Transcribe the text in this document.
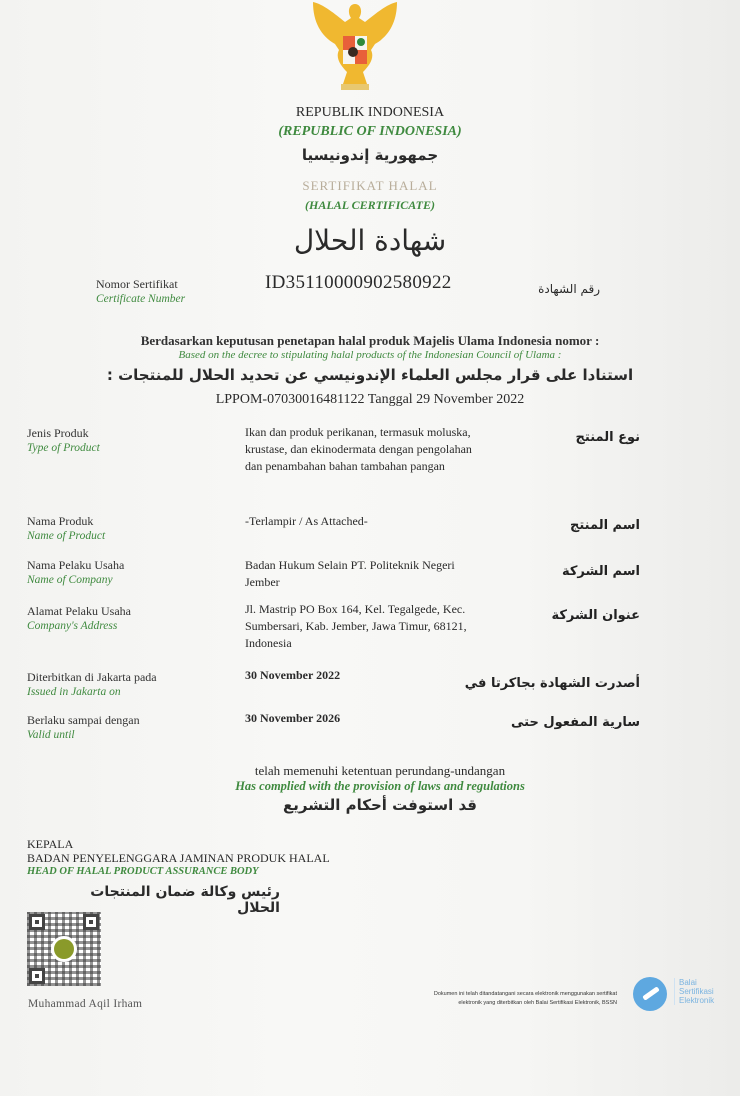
REPUBLIK INDONESIA
(REPUBLIC OF INDONESIA)
جمهورية إندونيسيا
SERTIFIKAT HALAL
(HALAL CERTIFICATE)
شهادة الحلال
Nomor Sertifikat
Certificate Number
ID35110000902580922	رقم الشهادة
Berdasarkan keputusan penetapan halal produk Majelis Ulama Indonesia nomor :
Based on the decree to stipulating halal products of the Indonesian Council of Ulama :
استنادا على قرار مجلس العلماء الإندونيسي عن تحديد الحلال للمنتجات :
LPPOM-07030016481122 Tanggal 29 November 2022
Jenis Produk
Type of Product
Ikan dan produk perikanan, termasuk moluska,
krustase, dan ekinodermata dengan pengolahan
dan penambahan bahan tambahan pangan
نوع المنتج
Nama Produk
Name of Product
-Terlampir / As Attached-	اسم المنتج
Nama Pelaku Usaha
Name of Company
Badan Hukum Selain PT. Politeknik Negeri
Jember
اسم الشركة
Alamat Pelaku Usaha
Company's Address
Jl. Mastrip PO Box 164, Kel. Tegalgede, Kec.
Sumbersari, Kab. Jember, Jawa Timur, 68121,
Indonesia
عنوان الشركة
Diterbitkan di Jakarta pada
Issued in Jakarta on
30 November 2022
أصدرت الشهادة بجاكرتا في
Berlaku sampai dengan
Valid until
30 November 2026	سارية المفعول حتى
telah memenuhi ketentuan perundang-undangan
Has complied with the provision of laws and regulations
قد استوفت أحكام التشريع
KEPALA
BADAN PENYELENGGARA JAMINAN PRODUK HALAL
HEAD OF HALAL PRODUCT ASSURANCE BODY
رئيس وكالة ضمان المنتجات الحلال
Muhammad Aqil Irham
Dokumen ini telah ditandatangani secara elektronik menggunakan sertifikat
elektronik yang diterbitkan oleh Balai Sertifikasi Elektronik, BSSN
Balai
Sertifikasi
Elektronik
